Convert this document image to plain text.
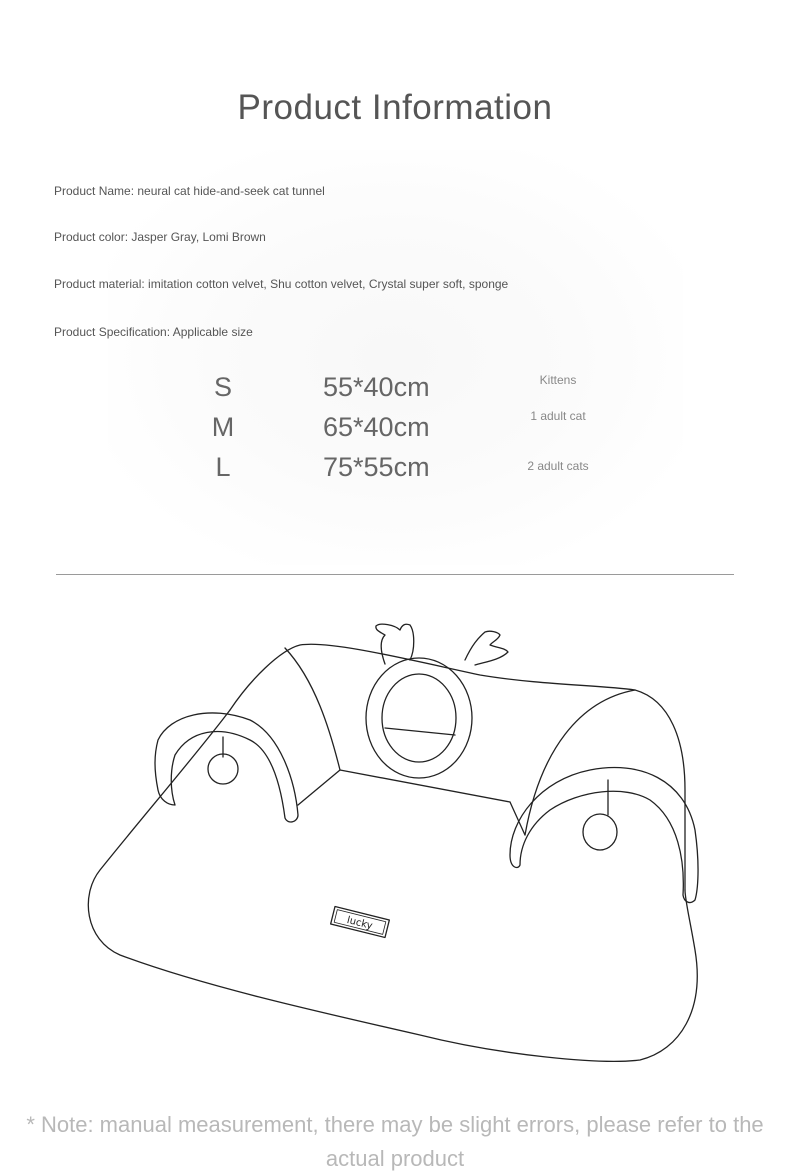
Product Information
Product Name: neural cat hide-and-seek cat tunnel
Product color: Jasper Gray, Lomi Brown
Product material: imitation cotton velvet, Shu cotton velvet, Crystal super soft, sponge
Product Specification: Applicable size
S	55*40cm	Kittens
M	65*40cm	1 adult cat
L	75*55cm	2 adult cats
lucky
* Note: manual measurement, there may be slight errors, please refer to the actual product
